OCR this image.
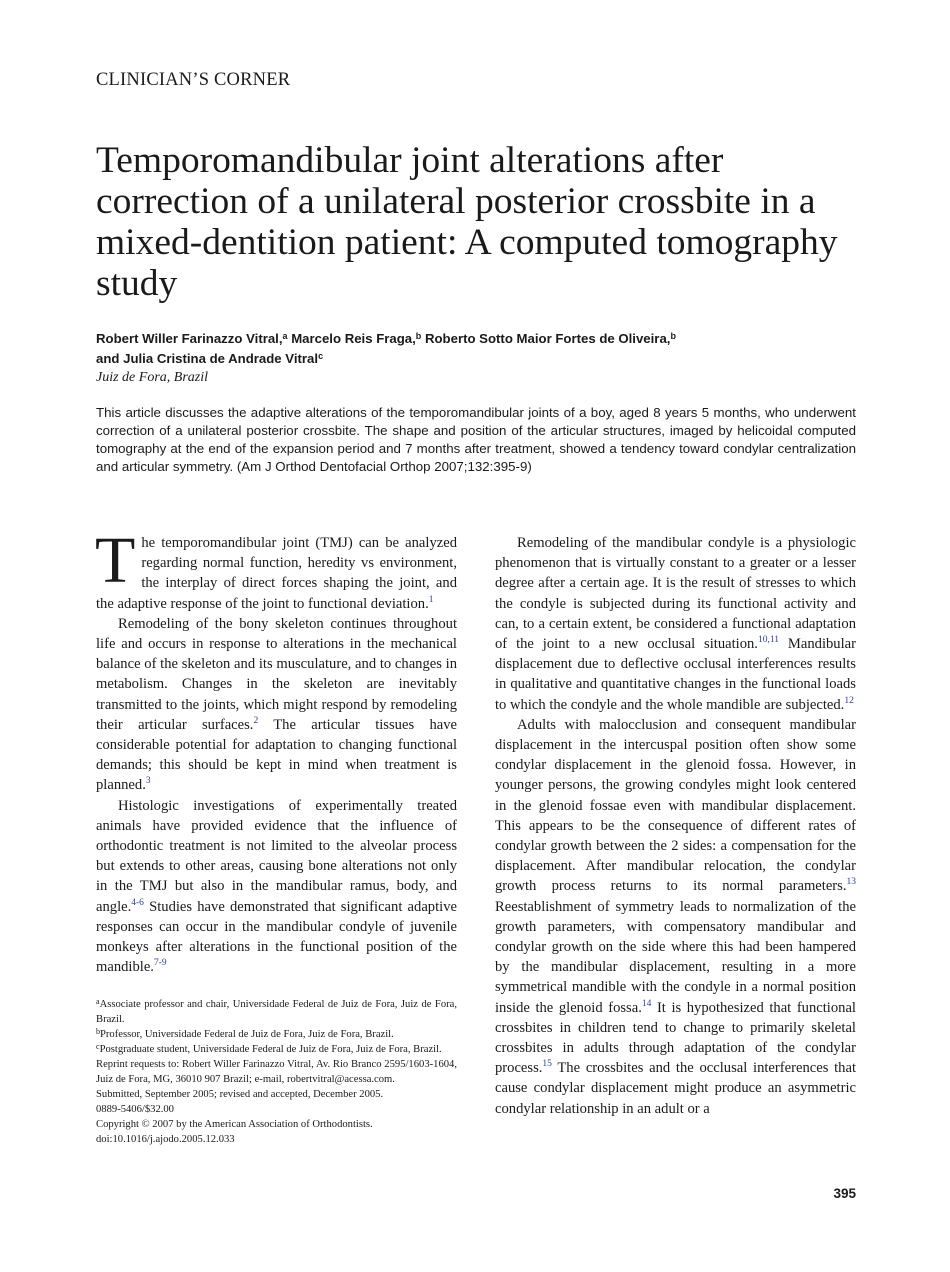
CLINICIAN’S CORNER
Temporomandibular joint alterations after correction of a unilateral posterior crossbite in a mixed-dentition patient: A computed tomography study
Robert Willer Farinazzo Vitral,$^a$ Marcelo Reis Fraga,$^b$ Roberto Sotto Maior Fortes de Oliveira,$^b$
and Julia Cristina de Andrade Vitral$^c$
Juiz de Fora, Brazil

This article discusses the adaptive alterations of the temporomandibular joints of a boy, aged 8 years 5 months, who underwent correction of a unilateral posterior crossbite. The shape and position of the articular structures, imaged by helicoidal computed tomography at the end of the expansion period and 7 months after treatment, showed a tendency toward condylar centralization and articular symmetry. (Am J Orthod Dentofacial Orthop 2007;132:395-9)

The temporomandibular joint (TMJ) can be analyzed regarding normal function, heredity vs environment, the interplay of direct forces shaping the joint, and the adaptive response of the joint to functional deviation.$^1$

Remodeling of the bony skeleton continues throughout life and occurs in response to alterations in the mechanical balance of the skeleton and its musculature, and to changes in metabolism. Changes in the skeleton are inevitably transmitted to the joints, which might respond by remodeling their articular surfaces.$^2$ The articular tissues have considerable potential for adaptation to changing functional demands; this should be kept in mind when treatment is planned.$^3$

Histologic investigations of experimentally treated animals have provided evidence that the influence of orthodontic treatment is not limited to the alveolar process but extends to other areas, causing bone alterations not only in the TMJ but also in the mandibular ramus, body, and angle.$^{4-6}$ Studies have demonstrated that significant adaptive responses can occur in the mandibular condyle of juvenile monkeys after alterations in the functional position of the mandible.$^{7-9}$

$^a$Associate professor and chair, Universidade Federal de Juiz de Fora, Juiz de Fora, Brazil.

$^b$Professor, Universidade Federal de Juiz de Fora, Juiz de Fora, Brazil.

$^c$Postgraduate student, Universidade Federal de Juiz de Fora, Juiz de Fora, Brazil.

Reprint requests to: Robert Willer Farinazzo Vitral, Av. Rio Branco 2595/1603-1604, Juiz de Fora, MG, 36010 907 Brazil; e-mail, robertvitral@acessa.com.

Submitted, September 2005; revised and accepted, December 2005.

0889-5406/$32.00

Copyright © 2007 by the American Association of Orthodontists.

doi:10.1016/j.ajodo.2005.12.033

Remodeling of the mandibular condyle is a physiologic phenomenon that is virtually constant to a greater or a lesser degree after a certain age. It is the result of stresses to which the condyle is subjected during its functional activity and can, to a certain extent, be considered a functional adaptation of the joint to a new occlusal situation.$^{10,11}$ Mandibular displacement due to deflective occlusal interferences results in qualitative and quantitative changes in the functional loads to which the condyle and the whole mandible are subjected.$^{12}$

Adults with malocclusion and consequent mandibular displacement in the intercuspal position often show some condylar displacement in the glenoid fossa. However, in younger persons, the growing condyles might look centered in the glenoid fossae even with mandibular displacement. This appears to be the consequence of different rates of condylar growth between the 2 sides: a compensation for the displacement. After mandibular relocation, the condylar growth process returns to its normal parameters.$^{13}$ Reestablishment of symmetry leads to normalization of the growth parameters, with compensatory mandibular and condylar growth on the side where this had been hampered by the mandibular displacement, resulting in a more symmetrical mandible with the condyle in a normal position inside the glenoid fossa.$^{14}$ It is hypothesized that functional crossbites in children tend to change to primarily skeletal crossbites in adults through adaptation of the condylar process.$^{15}$ The crossbites and the occlusal interferences that cause condylar displacement might produce an asymmetric condylar relationship in an adult or a

395
